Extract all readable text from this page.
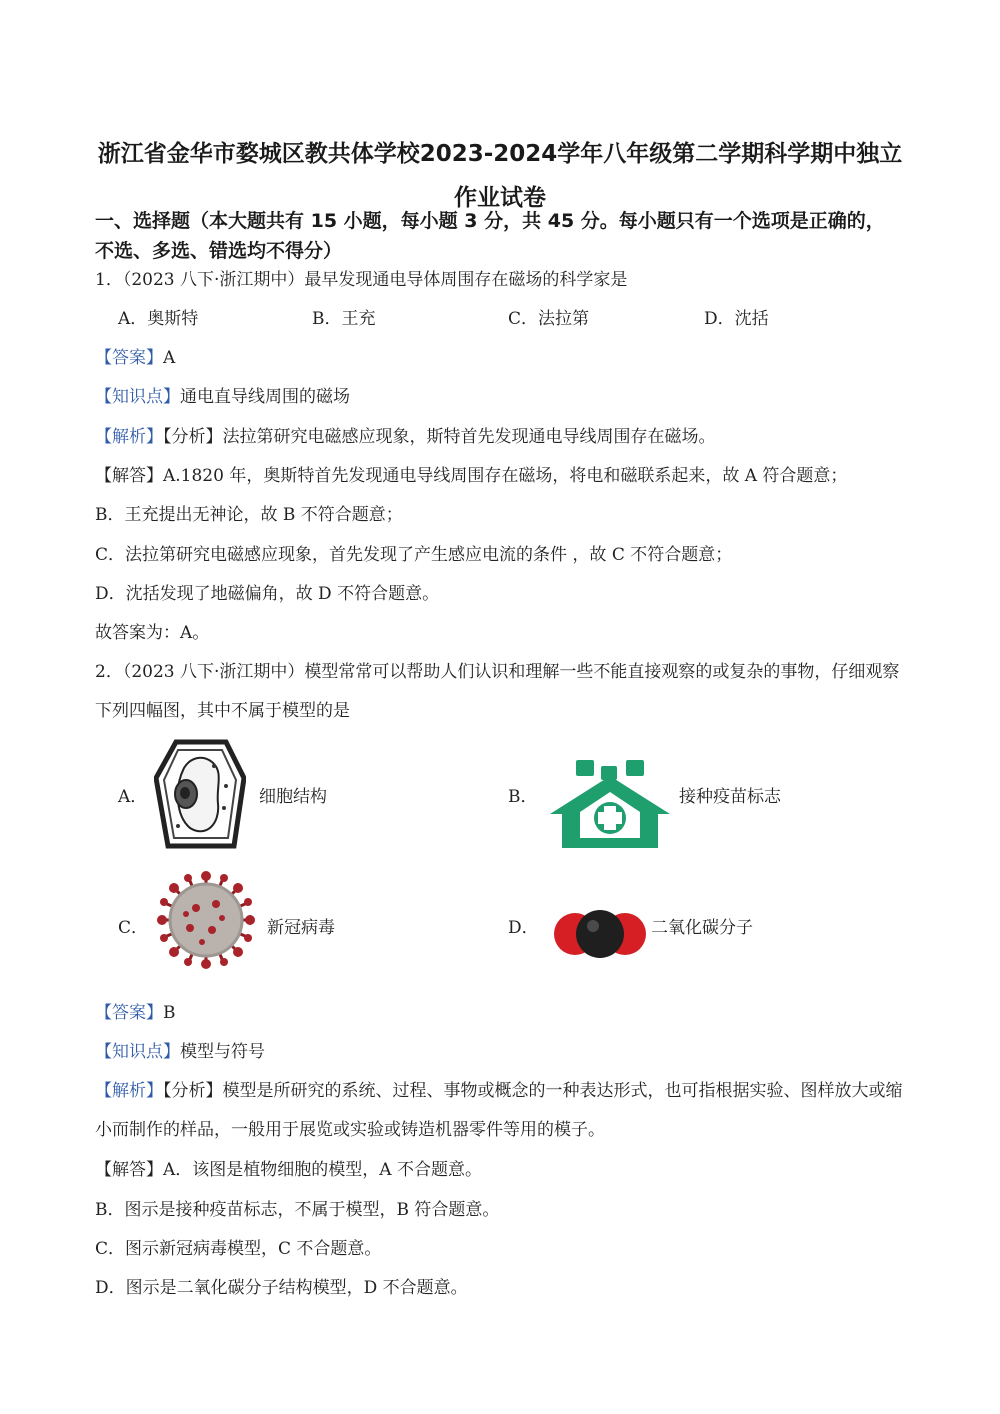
浙江省金华市婺城区教共体学校2023-2024学年八年级第二学期科学期中独立
作业试卷
一、选择题（本大题共有 15 小题，每小题 3 分，共 45 分。每小题只有一个选项是正确的，
不选、多选、错选均不得分）
1．（2023 八下·浙江期中）最早发现通电导体周围存在磁场的科学家是
A．奥斯特	B．王充	C．法拉第	D．沈括
【答案】A
【知识点】通电直导线周围的磁场
【解析】【分析】法拉第研究电磁感应现象，斯特首先发现通电导线周围存在磁场。
【解答】A.1820 年，奥斯特首先发现通电导线周围存在磁场，将电和磁联系起来，故 A 符合题意；
B．王充提出无神论，故 B 不符合题意；
C．法拉第研究电磁感应现象，首先发现了产生感应电流的条件 ，故 C 不符合题意；
D．沈括发现了地磁偏角，故 D 不符合题意。
故答案为：A。
2．（2023 八下·浙江期中）模型常常可以帮助人们认识和理解一些不能直接观察的或复杂的事物，仔细观察下列四幅图，其中不属于模型的是
A．	细胞结构	B．	接种疫苗标志
C．	新冠病毒	D．	二氧化碳分子
【答案】B
【知识点】模型与符号
【解析】【分析】模型是所研究的系统、过程、事物或概念的一种表达形式，也可指根据实验、图样放大或缩小而制作的样品，一般用于展览或实验或铸造机器零件等用的模子。
【解答】A．该图是植物细胞的模型，A 不合题意。
B．图示是接种疫苗标志，不属于模型，B 符合题意。
C．图示新冠病毒模型，C 不合题意。
D．图示是二氧化碳分子结构模型，D 不合题意。
